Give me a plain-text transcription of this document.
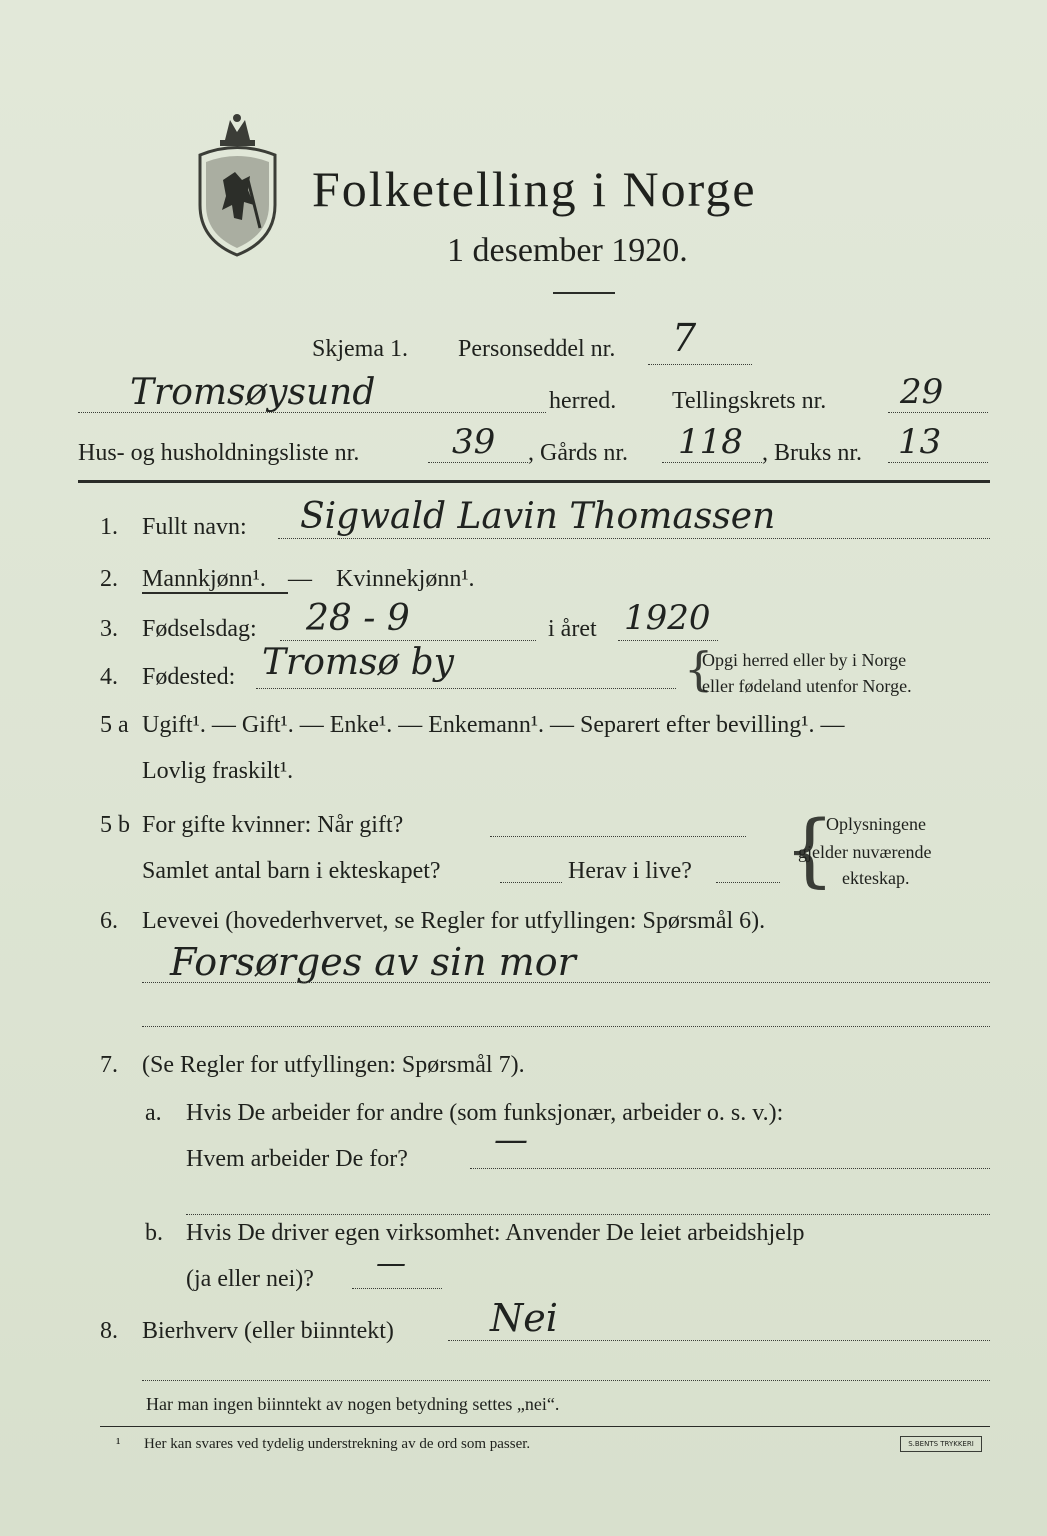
Folketelling i Norge
1 desember 1920.
Skjema 1. Personseddel nr. 7
Tromsøysund	herred. Tellingskrets nr. 29
Hus- og husholdningsliste nr.	39 , Gårds nr. 118 , Bruks nr. 13
1. Fullt navn: Sigwald Lavin Thomassen
2. Mannkjønn¹. — Kvinnekjønn¹.
3. Fødselsdag: 28 - 9	i året 1920
4. Fødested: Tromsø by	{
Opgi herred eller by i Norge
eller fødeland utenfor Norge.
5 a Ugift¹. — Gift¹. — Enke¹. — Enkemann¹. — Separert efter bevilling¹. —
Lovlig fraskilt¹.
5 b For gifte kvinner: Når gift?
Samlet antal barn i ekteskapet?	Herav i live? {
Oplysningene
gjelder nuværende
ekteskap.
6. Levevei (hovederhvervet, se Regler for utfyllingen: Spørsmål 6).
Forsørges av sin mor
7. (Se Regler for utfyllingen: Spørsmål 7).
a. Hvis De arbeider for andre (som funksjonær, arbeider o. s. v.):
Hvem arbeider De for?	—
b. Hvis De driver egen virksomhet: Anvender De leiet arbeidshjelp
(ja eller nei)? —
8. Bierhverv (eller biinntekt)	Nei
Har man ingen biinntekt av nogen betydning settes „nei“.
¹ Her kan svares ved tydelig understrekning av de ord som passer.	S.BENTS TRYKKERI
